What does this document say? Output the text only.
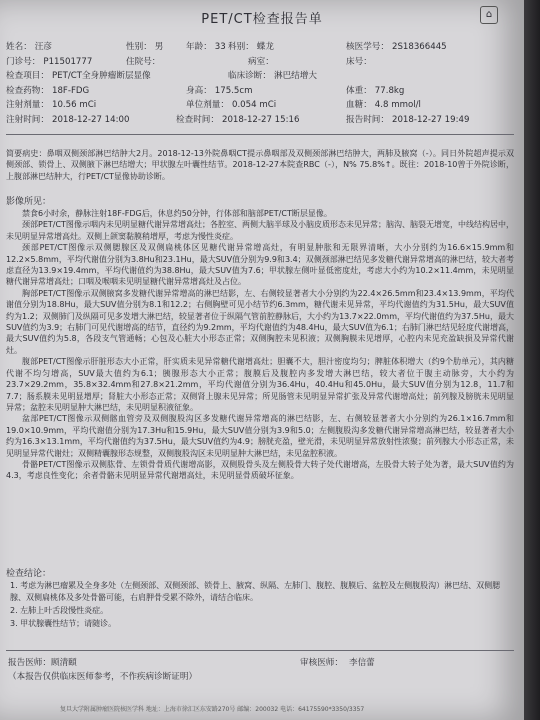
PET/CT检查报告单	⌂
姓名： 汪彦	性别： 男	年龄： 33 科别： 蝶龙	核医学号： 2S18366445
门诊号： P11501777	住院号：	病室：	床号：
检查项目： PET/CT全身肿瘤断层显像	临床诊断： 淋巴结增大
检查药物： 18F-FDG	身高： 175.5cm	体重： 77.8kg
注射剂量： 10.56 mCi	单位剂量： 0.054 mCi	血糖： 4.8 mmol/l
注射时间： 2018-12-27 14:00	检查时间： 2018-12-27 15:16	报告时间： 2018-12-27 19:49

简要病史：鼻咽双侧颈部淋巴结肿大2月。2018-12-13外院鼻咽CT提示鼻咽部及双侧颈部淋巴结肿大，两肺及腋窝（-）。同日外院超声提示双侧颈部、锁骨上、双侧腋下淋巴结增大；甲状腺左叶囊性结节。2018-12-27本院查RBC（-），N% 75.8%↑。既往：2018-10曾于外院诊断，上腹部淋巴结肿大，行PET/CT显像协助诊断。

影像所见：

禁食6小时余，静脉注射18F-FDG后，休息约50分钟，行体部和脑部PET/CT断层显像。

颈部PET/CT图像示咽内未见明显糖代谢异常增高灶；各腔室、两侧大脑半球及小脑皮质形态未见异常；脑沟、脑裂无增宽，中线结构居中，未见明显异常增高灶。双侧上颌窦黏膜稍增厚，考虑为慢性炎症。

颈部PET/CT图像示双侧腮腺区及双侧扁桃体区见糖代谢异常增高灶，有明显肿胀和无限界清晰，大小分别约为16.6×15.9mm和12.2×5.8mm，平均代谢值分别为3.8Hu和23.1Hu，最大SUV值分别为9.9和3.4；双侧颈部淋巴结见多发糖代谢异常增高的淋巴结，较大者考虑直径为13.9×19.4mm，平均代谢值约为38.8Hu，最大SUV值为7.6；甲状腺左侧叶显低密度灶，考虑大小约为10.2×11.4mm，未见明显糖代谢异常增高灶；口咽及喉咽未见明显糖代谢异常增高灶及占位。

胸部PET/CT图像示双侧腋窝多发糖代谢异常增高的淋巴结影，左、右侧较显著者大小分别约为22.4×26.5mm和23.4×13.9mm，平均代谢值分别为18.8Hu，最大SUV值分别为8.1和12.2；右侧胸壁可见小结节约6.3mm，糖代谢未见异常，平均代谢值约为31.5Hu，最大SUV值约为1.2；双侧肺门及纵隔可见多发增大淋巴结，较显著者位于纵隔气管前腔静脉后，大小约为13.7×22.0mm，平均代谢值约为37.5Hu，最大SUV值约为3.9；右肺门可见代谢增高的结节，直径约为9.2mm，平均代谢值约为48.4Hu，最大SUV值为6.1；右肺门淋巴结见轻度代谢增高，最大SUV值约为5.8，各段支气管通畅；心包及心脏大小形态正常；双侧胸腔未见积液；双侧胸膜未见增厚，心腔内未见充盈缺损及异常代谢灶。

腹部PET/CT图像示肝脏形态大小正常，肝实质未见异常糖代谢增高灶；胆囊不大，胆汁密度均匀；脾脏体积增大（约9个肋单元），其内糖代谢不均匀增高，SUV最大值约为6.1；胰腺形态大小正常；腹膜后及腹腔内多发增大淋巴结，较大者位于腹主动脉旁，大小约为23.7×29.2mm，35.8×32.4mm和27.8×21.2mm，平均代谢值分别为36.4Hu，40.4Hu和45.0Hu，最大SUV值分别为12.8，11.7和7.7；肠系膜未见明显增厚；肾脏大小形态正常；双侧肾上腺未见异常；所见肠管未见明显异常扩张及异常代谢增高灶；前列腺及膀胱未见明显异常；盆腔未见明显肿大淋巴结，未见明显积液征象。

盆部PET/CT图像示双侧髂血管旁及双侧腹股沟区多发糖代谢异常增高的淋巴结影，左、右侧较显著者大小分别约为26.1×16.7mm和19.0×10.9mm，平均代谢值分别为17.3Hu和15.9Hu，最大SUV值分别为3.9和5.0；左侧腹股沟多发糖代谢异常增高淋巴结，较显著者大小约为16.3×13.1mm，平均代谢值约为37.5Hu，最大SUV值约为4.9；膀胱充盈，壁光滑，未见明显异常放射性浓聚；前列腺大小形态正常，未见明显异常代谢灶；双侧精囊腺形态规整，双侧腹股沟区未见明显肿大淋巴结，未见盆腔积液。

骨骼PET/CT图像示双侧肱骨、左锁骨骨质代谢增高影，双侧股骨头及左侧股骨大转子处代谢增高，左股骨大转子处为著，最大SUV值约为4.3，考虑良性变化；余者骨骼未见明显异常代谢增高灶，未见明显骨质破坏征象。

检查结论：

1. 考虑为淋巴瘤累及全身多处（左侧颈部、双侧颈部、锁骨上、腋窝、纵隔、左肺门、腹腔、腹膜后、盆腔及左侧腹股沟）淋巴结、双侧腮腺、双侧扁桃体及多处骨骼可能，右肩胛骨受累不除外，请结合临床。

2. 左肺上叶舌段慢性炎症。

3. 甲状腺囊性结节；请随诊。

报告医师：顾清頤	审核医师： 李信蕾
（本报告仅供临床医师参考，不作疾病诊断证明）
复旦大学附属肿瘤医院核医学科 地址：上海市徐汇区东安路270号 邮编：200032 电话：64175590*3350/3357
